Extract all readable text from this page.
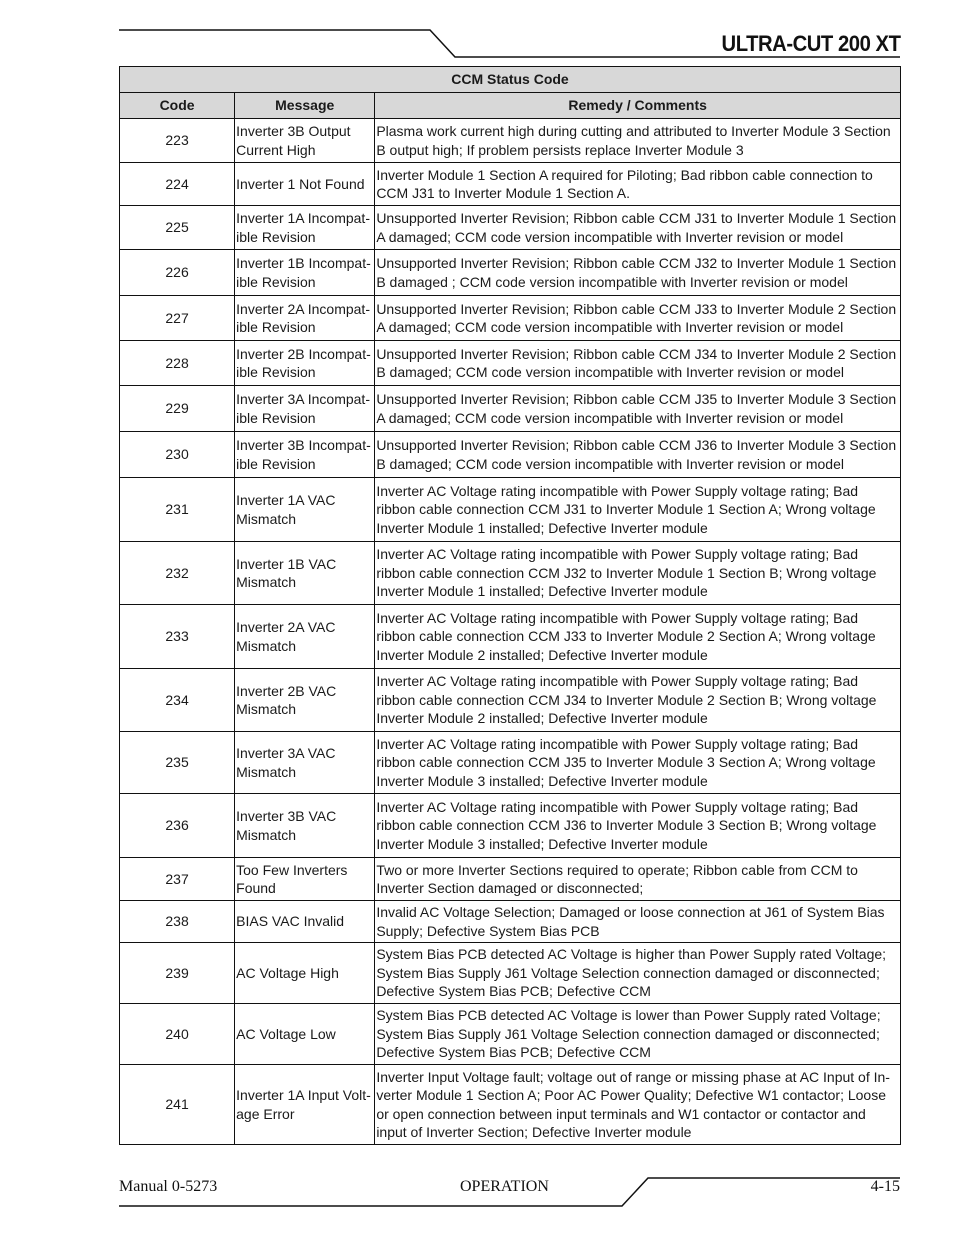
ULTRA-CUT 200 XT
CCM Status Code		
Code	Message	Remedy / Comments
223	Inverter 3B Output Current High	Plasma work current high during cutting and attributed to Inverter Module 3 Section B output high; If problem persists replace Inverter Module 3
224	Inverter 1 Not Found	Inverter Module 1 Section A required for Piloting; Bad ribbon cable connection to CCM J31 to Inverter Module 1 Section A.
225	Inverter 1A Incompat-ible Revision	Unsupported Inverter Revision; Ribbon cable CCM J31 to Inverter Module 1 Section A damaged; CCM code version incompatible with Inverter revision or model
226	Inverter 1B Incompat-ible Revision	Unsupported Inverter Revision; Ribbon cable CCM J32 to Inverter Module 1 Section B damaged ; CCM code version incompatible with Inverter revision or model
227	Inverter 2A Incompat-ible Revision	Unsupported Inverter Revision; Ribbon cable CCM J33 to Inverter Module 2 Section A damaged; CCM code version incompatible with Inverter revision or model
228	Inverter 2B Incompat-ible Revision	Unsupported Inverter Revision; Ribbon cable CCM J34 to Inverter Module 2 Section B damaged; CCM code version incompatible with Inverter revision or model
229	Inverter 3A Incompat-ible Revision	Unsupported Inverter Revision; Ribbon cable CCM J35 to Inverter Module 3 Section A damaged; CCM code version incompatible with Inverter revision or model
230	Inverter 3B Incompat-ible Revision	Unsupported Inverter Revision; Ribbon cable CCM J36 to Inverter Module 3 Section B damaged; CCM code version incompatible with Inverter revision or model
231	Inverter 1A VAC Mismatch	Inverter AC Voltage rating incompatible with Power Supply voltage rating; Bad ribbon cable connection CCM J31 to Inverter Module 1 Section A; Wrong voltage Inverter Module 1 installed; Defective Inverter module
232	Inverter 1B VAC Mismatch	Inverter AC Voltage rating incompatible with Power Supply voltage rating; Bad ribbon cable connection CCM J32 to Inverter Module 1 Section B; Wrong voltage Inverter Module 1 installed; Defective Inverter module
233	Inverter 2A VAC Mismatch	Inverter AC Voltage rating incompatible with Power Supply voltage rating; Bad ribbon cable connection CCM J33 to Inverter Module 2 Section A; Wrong voltage Inverter Module 2 installed; Defective Inverter module
234	Inverter 2B VAC Mismatch	Inverter AC Voltage rating incompatible with Power Supply voltage rating; Bad ribbon cable connection CCM J34 to Inverter Module 2 Section B; Wrong voltage Inverter Module 2 installed; Defective Inverter module
235	Inverter 3A VAC Mismatch	Inverter AC Voltage rating incompatible with Power Supply voltage rating; Bad ribbon cable connection CCM J35 to Inverter Module 3 Section A; Wrong voltage Inverter Module 3 installed; Defective Inverter module
236	Inverter 3B VAC Mismatch	Inverter AC Voltage rating incompatible with Power Supply voltage rating; Bad ribbon cable connection CCM J36 to Inverter Module 3 Section B; Wrong voltage Inverter Module 3 installed; Defective Inverter module
237	Too Few Inverters Found	Two or more Inverter Sections required to operate; Ribbon cable from CCM to Inverter Section damaged or disconnected;
238	BIAS VAC Invalid	Invalid AC Voltage Selection; Damaged or loose connection at J61 of System Bias Supply; Defective System Bias PCB
239	AC Voltage High	System Bias PCB detected AC Voltage is higher than Power Supply rated Voltage; System Bias Supply J61 Voltage Selection connection damaged or disconnected; Defective System Bias PCB; Defective CCM
240	AC Voltage Low	System Bias PCB detected AC Voltage is lower than Power Supply rated Voltage; System Bias Supply J61 Voltage Selection connection damaged or disconnected; Defective System Bias PCB; Defective CCM
241	Inverter 1A Input Volt-age Error	Inverter Input Voltage fault; voltage out of range or missing phase at AC Input of In-verter Module 1 Section A; Poor AC Power Quality; Defective W1 contactor; Loose or open connection between input terminals and W1 contactor or contactor and input of Inverter Section; Defective Inverter module
Manual 0-5273	OPERATION	4-15
